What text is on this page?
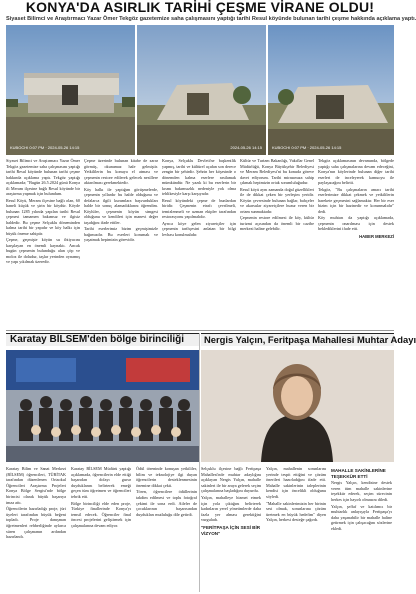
KONYA'DA ASIRLIK TARİHİ ÇEŞME VİRANE OLDU!
Siyaset Bilimci ve Araştırmacı Yazar Ömer Tekgöz gazetemize saha çalışmasını yaptığı tarihi Resul köyünde bulunan tarihi çeşme hakkında açıklama yaptı.
KUBOCHI 0:07 PM · 2024-05-26 14:15	2024-05-26 14:15	KUBOCHI 0:07 PM · 2024-05-26 14:15

Siyaset Bilimci ve Araştırmacı Yazar Ömer Tekgöz gazetemize saha çalışmasını yaptığı tarihi Resul köyünde bulunan tarihi çeşme hakkında açıklama yaptı. Tekgöz yaptığı açıklamada; "Bugün 26.5.2024 günü Konya ili Meram ilçesine bağlı Resul köyünde bir araştırma yapmak için bulundum.

Resul Köyü, Meram ilçesine bağlı olan, 60 haneli küçük ve şirin bir köydür. Köyde bulunan 1285 yılında yapılan tarihi Resul çeşmesi tamamen bakımsız ve ilgisiz haldedir. Bu çeşme Selçuklu döneminden kalma tarihi bir yapıdır ve köy halkı için büyük öneme sahiptir.

Çeşme, geçmişte köyün su ihtiyacını karşılayan en önemli kaynaktı. Ancak bugün çeşmenin bulunduğu alan çöp ve moloz ile doludur, taşlar yerinden oynamış ve yapı yıkılmak üzeredir.

Çeşme üzerinde bulunan kitabe de zarar görmüş, okunamaz hale gelmiştir. Yetkililerin bu konuya el atması ve çeşmenin restore edilerek gelecek nesillere aktarılması gerekmektedir.

Köy halkı ile yaptığım görüşmelerde, çeşmenin yıllardır bu halde olduğunu ve defalarca ilgili kurumlara başvurdukları halde bir sonuç alamadıklarını öğrendim. Köylüler, çeşmenin köyün simgesi olduğunu ve kendileri için manevi değer taşıdığını ifade ettiler.

Tarihi eserlerimiz bizim geçmişimizle bağımızdır. Bu eserleri korumak ve yaşatmak hepimizin görevidir.

Konya, Selçuklu Devleti'ne başkentlik yapmış, tarihi ve kültürel açıdan son derece zengin bir şehirdir. Şehrin her köşesinde o dönemden kalma eserlere rastlamak mümkündür. Ne yazık ki bu eserlerin bir kısmı bakımsızlık nedeniyle yok olma tehlikesiyle karşı karşıyadır.

Resul köyündeki çeşme de bunlardan biridir. Çeşmenin etrafı çevrilmeli, temizlenmeli ve uzman ekipler tarafından restorasyonu yapılmalıdır.

Ayrıca köye gelen ziyaretçiler için çeşmenin tarihçesini anlatan bir bilgi levhası konulmalıdır.

Kültür ve Turizm Bakanlığı, Vakıflar Genel Müdürlüğü, Konya Büyükşehir Belediyesi ve Meram Belediyesi'ni bu konuda göreve davet ediyorum. Tarihi mirasımıza sahip çıkmak hepimizin ortak sorumluluğudur.

Resul köyü aynı zamanda doğal güzellikleri ile de dikkat çeken bir yerleşim yeridir. Köyün çevresinde bulunan bağlar, bahçeler ve akarsular ziyaretçilere huzur veren bir ortam sunmaktadır.

Çeşmenin restore edilmesi ile köy, kültür turizmi açısından da önemli bir cazibe merkezi haline gelebilir.

Tekgöz açıklamasının devamında, bölgede yaptığı saha çalışmalarına devam edeceğini, Konya'nın köylerinde bulunan diğer tarihi eserleri de inceleyerek kamuoyu ile paylaşacağını belirtti.

Tekgöz, "Bu çalışmaların amacı tarihi eserlerimize dikkat çekmek ve yetkililerin harekete geçmesini sağlamaktır. Her bir eser bizim için bir hazinedir ve korunmalıdır" dedi.

Köy muhtarı da yaptığı açıklamada, çeşmenin onarılması için destek beklediklerini ifade etti.

HABER MERKEZİ
Karatay BİLSEM'den bölge birinciliği	Nergis Yalçın, Feritpaşa Mahallesi Muhtar Adayı

Karatay Bilim ve Sanat Merkezi (BİLSEM) öğrencileri, TÜBİTAK tarafından düzenlenen Ortaokul Öğrencileri Araştırma Projeleri Konya Bölge Sergisi'nde bölge birincisi olarak büyük başarıya imza attı.

Öğrencilerin hazırladığı proje, jüri üyeleri tarafından büyük beğeni topladı. Proje danışman öğretmenleri rehberliğinde aylarca süren çalışmanın ardından hazırlandı.

Karatay BİLSEM Müdürü yaptığı açıklamada, öğrencilerin elde ettiği başarıdan dolayı gurur duyduklarını belirterek emeği geçen tüm öğretmen ve öğrencileri tebrik etti.

Bölge birinciliği elde eden proje, Türkiye finallerinde Konya'yı temsil edecek. Öğrenciler final öncesi projelerini geliştirmek için çalışmalarına devam ediyor.

Ödül töreninde konuşan yetkililer, bilim ve teknolojiye ilgi duyan öğrencilerin desteklenmesinin önemine dikkat çekti.

Tören, öğrencilere ödüllerinin takdim edilmesi ve toplu fotoğraf çekimi ile sona erdi. Aileler de çocuklarının başarısından duydukları mutluluğu dile getirdi.

Selçuklu ilçesine bağlı Feritpaşa Mahallesi'nde muhtar adaylığını açıklayan Nergis Yalçın, mahalle sakinleri ile bir araya gelerek seçim çalışmalarına başladığını duyurdu.

Yalçın, mahalleye hizmet etmek için yola çıktığını belirterek kadınların yerel yönetimlerde daha fazla yer alması gerektiğini vurguladı.

"FERİTPAŞA İÇİN SESİ BİR VİZYON"

Yalçın, mahallenin sorunlarını yerinde tespit ettiğini ve çözüm önerileri hazırladığını ifade etti. Mahalle sakinlerinin taleplerinin kendisi için öncelikli olduğunu söyledi.

"Mahalle sakinlerimizin her birinin sesi olmak, sorunlarına çözüm üretmek en büyük hedefim" diyen Yalçın, herkesi desteğe çağırdı.

MAHALLE SAKİNLERİNE TEŞEKKÜR ETTİ

Nergis Yalçın, kendisine destek veren tüm mahalle sakinlerine teşekkür ederek, seçim sürecinin herkes için hayırlı olmasını diledi.

Yalçın, şeffaf ve katılımcı bir muhtarlık anlayışıyla Feritpaşa'yı daha yaşanabilir bir mahalle haline getirmek için çalışacağını sözlerine ekledi.
